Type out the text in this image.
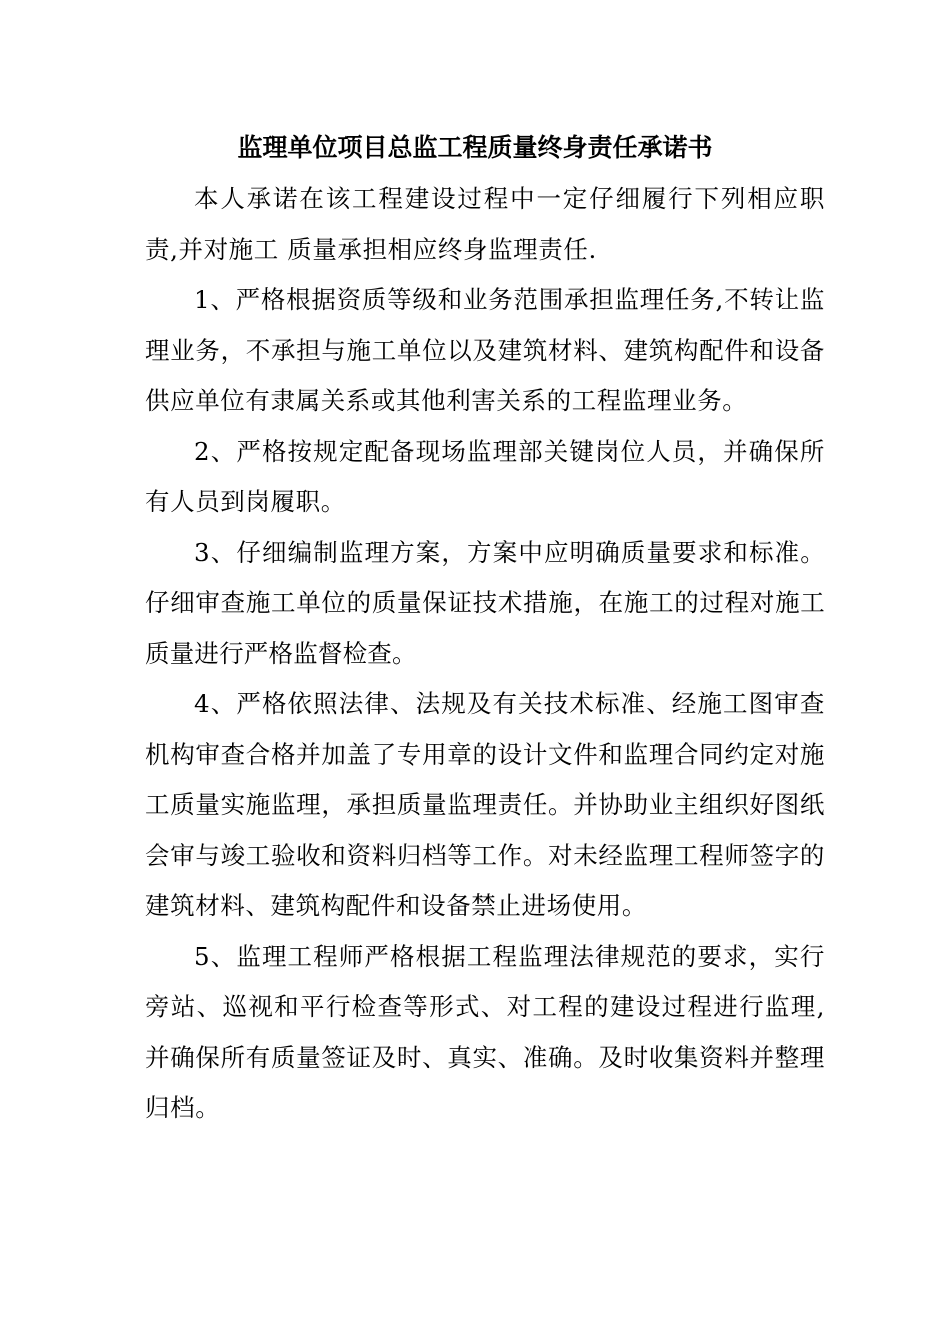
监理单位项目总监工程质量终身责任承诺书

本人承诺在该工程建设过程中一定仔细履行下列相应职责,并对施工 质量承担相应终身监理责任.

1、严格根据资质等级和业务范围承担监理任务,不转让监理业务，不承担与施工单位以及建筑材料、建筑构配件和设备供应单位有隶属关系或其他利害关系的工程监理业务。

2、严格按规定配备现场监理部关键岗位人员，并确保所有人员到岗履职。

3、仔细编制监理方案，方案中应明确质量要求和标准。仔细审查施工单位的质量保证技术措施，在施工的过程对施工质量进行严格监督检查。

4、严格依照法律、法规及有关技术标准、经施工图审查机构审查合格并加盖了专用章的设计文件和监理合同约定对施工质量实施监理，承担质量监理责任。并协助业主组织好图纸会审与竣工验收和资料归档等工作。对未经监理工程师签字的建筑材料、建筑构配件和设备禁止进场使用。

5、监理工程师严格根据工程监理法律规范的要求，实行旁站、巡视和平行检查等形式、对工程的建设过程进行监理,并确保所有质量签证及时、真实、准确。及时收集资料并整理归档。
